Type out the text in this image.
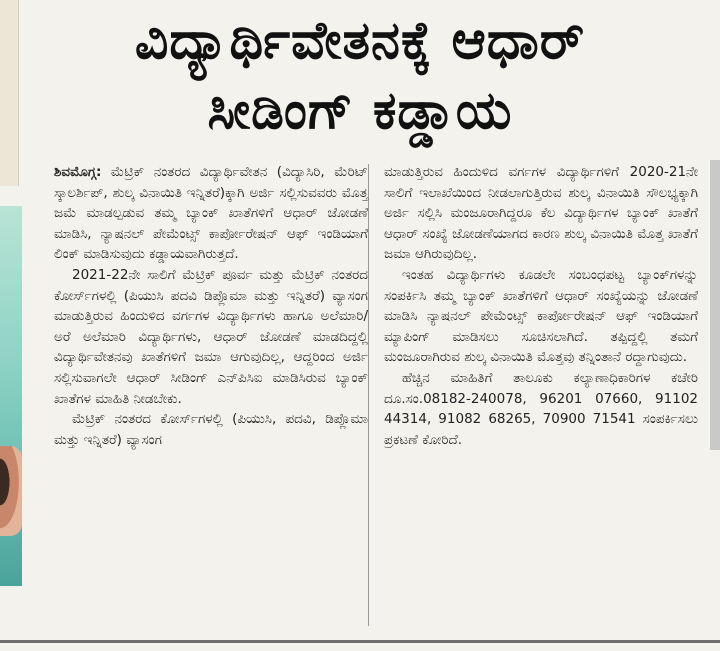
ವಿದ್ಯಾರ್ಥಿವೇತನಕ್ಕೆ ಆಧಾರ್
ಸೀಡಿಂಗ್ ಕಡ್ಡಾಯ

ಶಿವಮೊಗ್ಗ: ಮೆಟ್ರಿಕ್ ನಂತರದ ವಿದ್ಯಾರ್ಥಿವೇತನ (ವಿದ್ಯಾಸಿರಿ, ಮೆರಿಟ್ ಸ್ಕಾಲರ್ಶಿಪ್, ಶುಲ್ಕ ವಿನಾಯಿತಿ ಇನ್ನಿತರೆ)ಕ್ಕಾಗಿ ಅರ್ಜಿ ಸಲ್ಲಿಸುವವರು ಮೊತ್ತ ಜಮೆ ಮಾಡಲ್ಪಡುವ ತಮ್ಮ ಬ್ಯಾಂಕ್ ಖಾತೆಗಳಿಗೆ ಆಧಾರ್ ಜೋಡಣೆ ಮಾಡಿಸಿ, ನ್ಯಾಷನಲ್ ಪೇಮೆಂಟ್ಸ್ ಕಾರ್ಪೋರೇಷನ್ ಆಫ್ ಇಂಡಿಯಾಗೆ ಲಿಂಕ್ ಮಾಡಿಸುವುದು ಕಡ್ಡಾಯವಾಗಿರುತ್ತದೆ.

2021-22ನೇ ಸಾಲಿಗೆ ಮೆಟ್ರಿಕ್ ಪೂರ್ವ ಮತ್ತು ಮೆಟ್ರಿಕ್ ನಂತರದ ಕೋರ್ಸ್‌ಗಳಲ್ಲಿ (ಪಿಯುಸಿ ಪದವಿ ಡಿಪ್ಲೊಮಾ ಮತ್ತು ಇನ್ನಿತರೆ) ವ್ಯಾಸಂಗ ಮಾಡುತ್ತಿರುವ ಹಿಂದುಳಿದ ವರ್ಗಗಳ ವಿದ್ಯಾರ್ಥಿಗಳು ಹಾಗೂ ಅಲೆಮಾರಿ/ಅರೆ ಅಲೆಮಾರಿ ವಿದ್ಯಾರ್ಥಿಗಳು, ಆಧಾರ್ ಜೋಡಣೆ ಮಾಡದಿದ್ದಲ್ಲಿ ವಿದ್ಯಾರ್ಥಿವೇತನವು ಖಾತೆಗಳಿಗೆ ಜಮಾ ಆಗುವುದಿಲ್ಲ, ಆದ್ದರಿಂದ ಅರ್ಜಿ ಸಲ್ಲಿಸುವಾಗಲೇ ಆಧಾರ್ ಸೀಡಿಂಗ್ ಎನ್‌ಪಿಸಿಐ ಮಾಡಿಸಿರುವ ಬ್ಯಾಂಕ್ ಖಾತೆಗಳ ಮಾಹಿತಿ ನೀಡಬೇಕು.

ಮೆಟ್ರಿಕ್ ನಂತರದ ಕೋರ್ಸ್‌ಗಳಲ್ಲಿ (ಪಿಯುಸಿ, ಪದವಿ, ಡಿಪ್ಲೊಮಾ ಮತ್ತು ಇನ್ನಿತರೆ) ವ್ಯಾಸಂಗ

ಮಾಡುತ್ತಿರುವ ಹಿಂದುಳಿದ ವರ್ಗಗಳ ವಿದ್ಯಾರ್ಥಿಗಳಿಗೆ 2020-21ನೇ ಸಾಲಿಗೆ ಇಲಾಖೆಯಿಂದ ನೀಡಲಾಗುತ್ತಿರುವ ಶುಲ್ಕ ವಿನಾಯಿತಿ ಸೌಲಭ್ಯಕ್ಕಾಗಿ ಅರ್ಜಿ ಸಲ್ಲಿಸಿ ಮಂಜೂರಾಗಿದ್ದರೂ ಕೆಲ ವಿದ್ಯಾರ್ಥಿಗಳ ಬ್ಯಾಂಕ್ ಖಾತೆಗೆ ಆಧಾರ್ ಸಂಖ್ಯೆ ಜೋಡಣೆಯಾಗದ ಕಾರಣ ಶುಲ್ಕ ವಿನಾಯಿತಿ ಮೊತ್ತ ಖಾತೆಗೆ ಜಮಾ ಆಗಿರುವುದಿಲ್ಲ.

ಇಂತಹ ವಿದ್ಯಾರ್ಥಿಗಳು ಕೂಡಲೇ ಸಂಬಂಧಪಟ್ಟ ಬ್ಯಾಂಕ್‌ಗಳನ್ನು ಸಂಪರ್ಕಿಸಿ ತಮ್ಮ ಬ್ಯಾಂಕ್ ಖಾತೆಗಳಿಗೆ ಆಧಾರ್ ಸಂಖ್ಯೆಯನ್ನು ಜೋಡಣೆ ಮಾಡಿಸಿ ನ್ಯಾಷನಲ್ ಪೇಮೆಂಟ್ಸ್ ಕಾರ್ಪೋರೇಷನ್ ಆಫ್ ಇಂಡಿಯಾಗೆ ಮ್ಯಾಪಿಂಗ್ ಮಾಡಿಸಲು ಸೂಚಿಸಲಾಗಿದೆ. ತಪ್ಪಿದ್ದಲ್ಲಿ ತಮಗೆ ಮಂಜೂರಾಗಿರುವ ಶುಲ್ಕ ವಿನಾಯಿತಿ ಮೊತ್ತವು ತನ್ನಿಂತಾನೆ ರದ್ದಾಗುವುದು.

ಹೆಚ್ಚಿನ ಮಾಹಿತಿಗೆ ತಾಲೂಕು ಕಲ್ಯಾಣಾಧಿಕಾರಿಗಳ ಕಚೇರಿ ದೂ.ಸಂ.08182-240078, 96201 07660, 91102 44314, 91082 68265, 70900 71541 ಸಂಪರ್ಕಿಸಲು ಪ್ರಕಟಣೆ ಕೋರಿದೆ.
